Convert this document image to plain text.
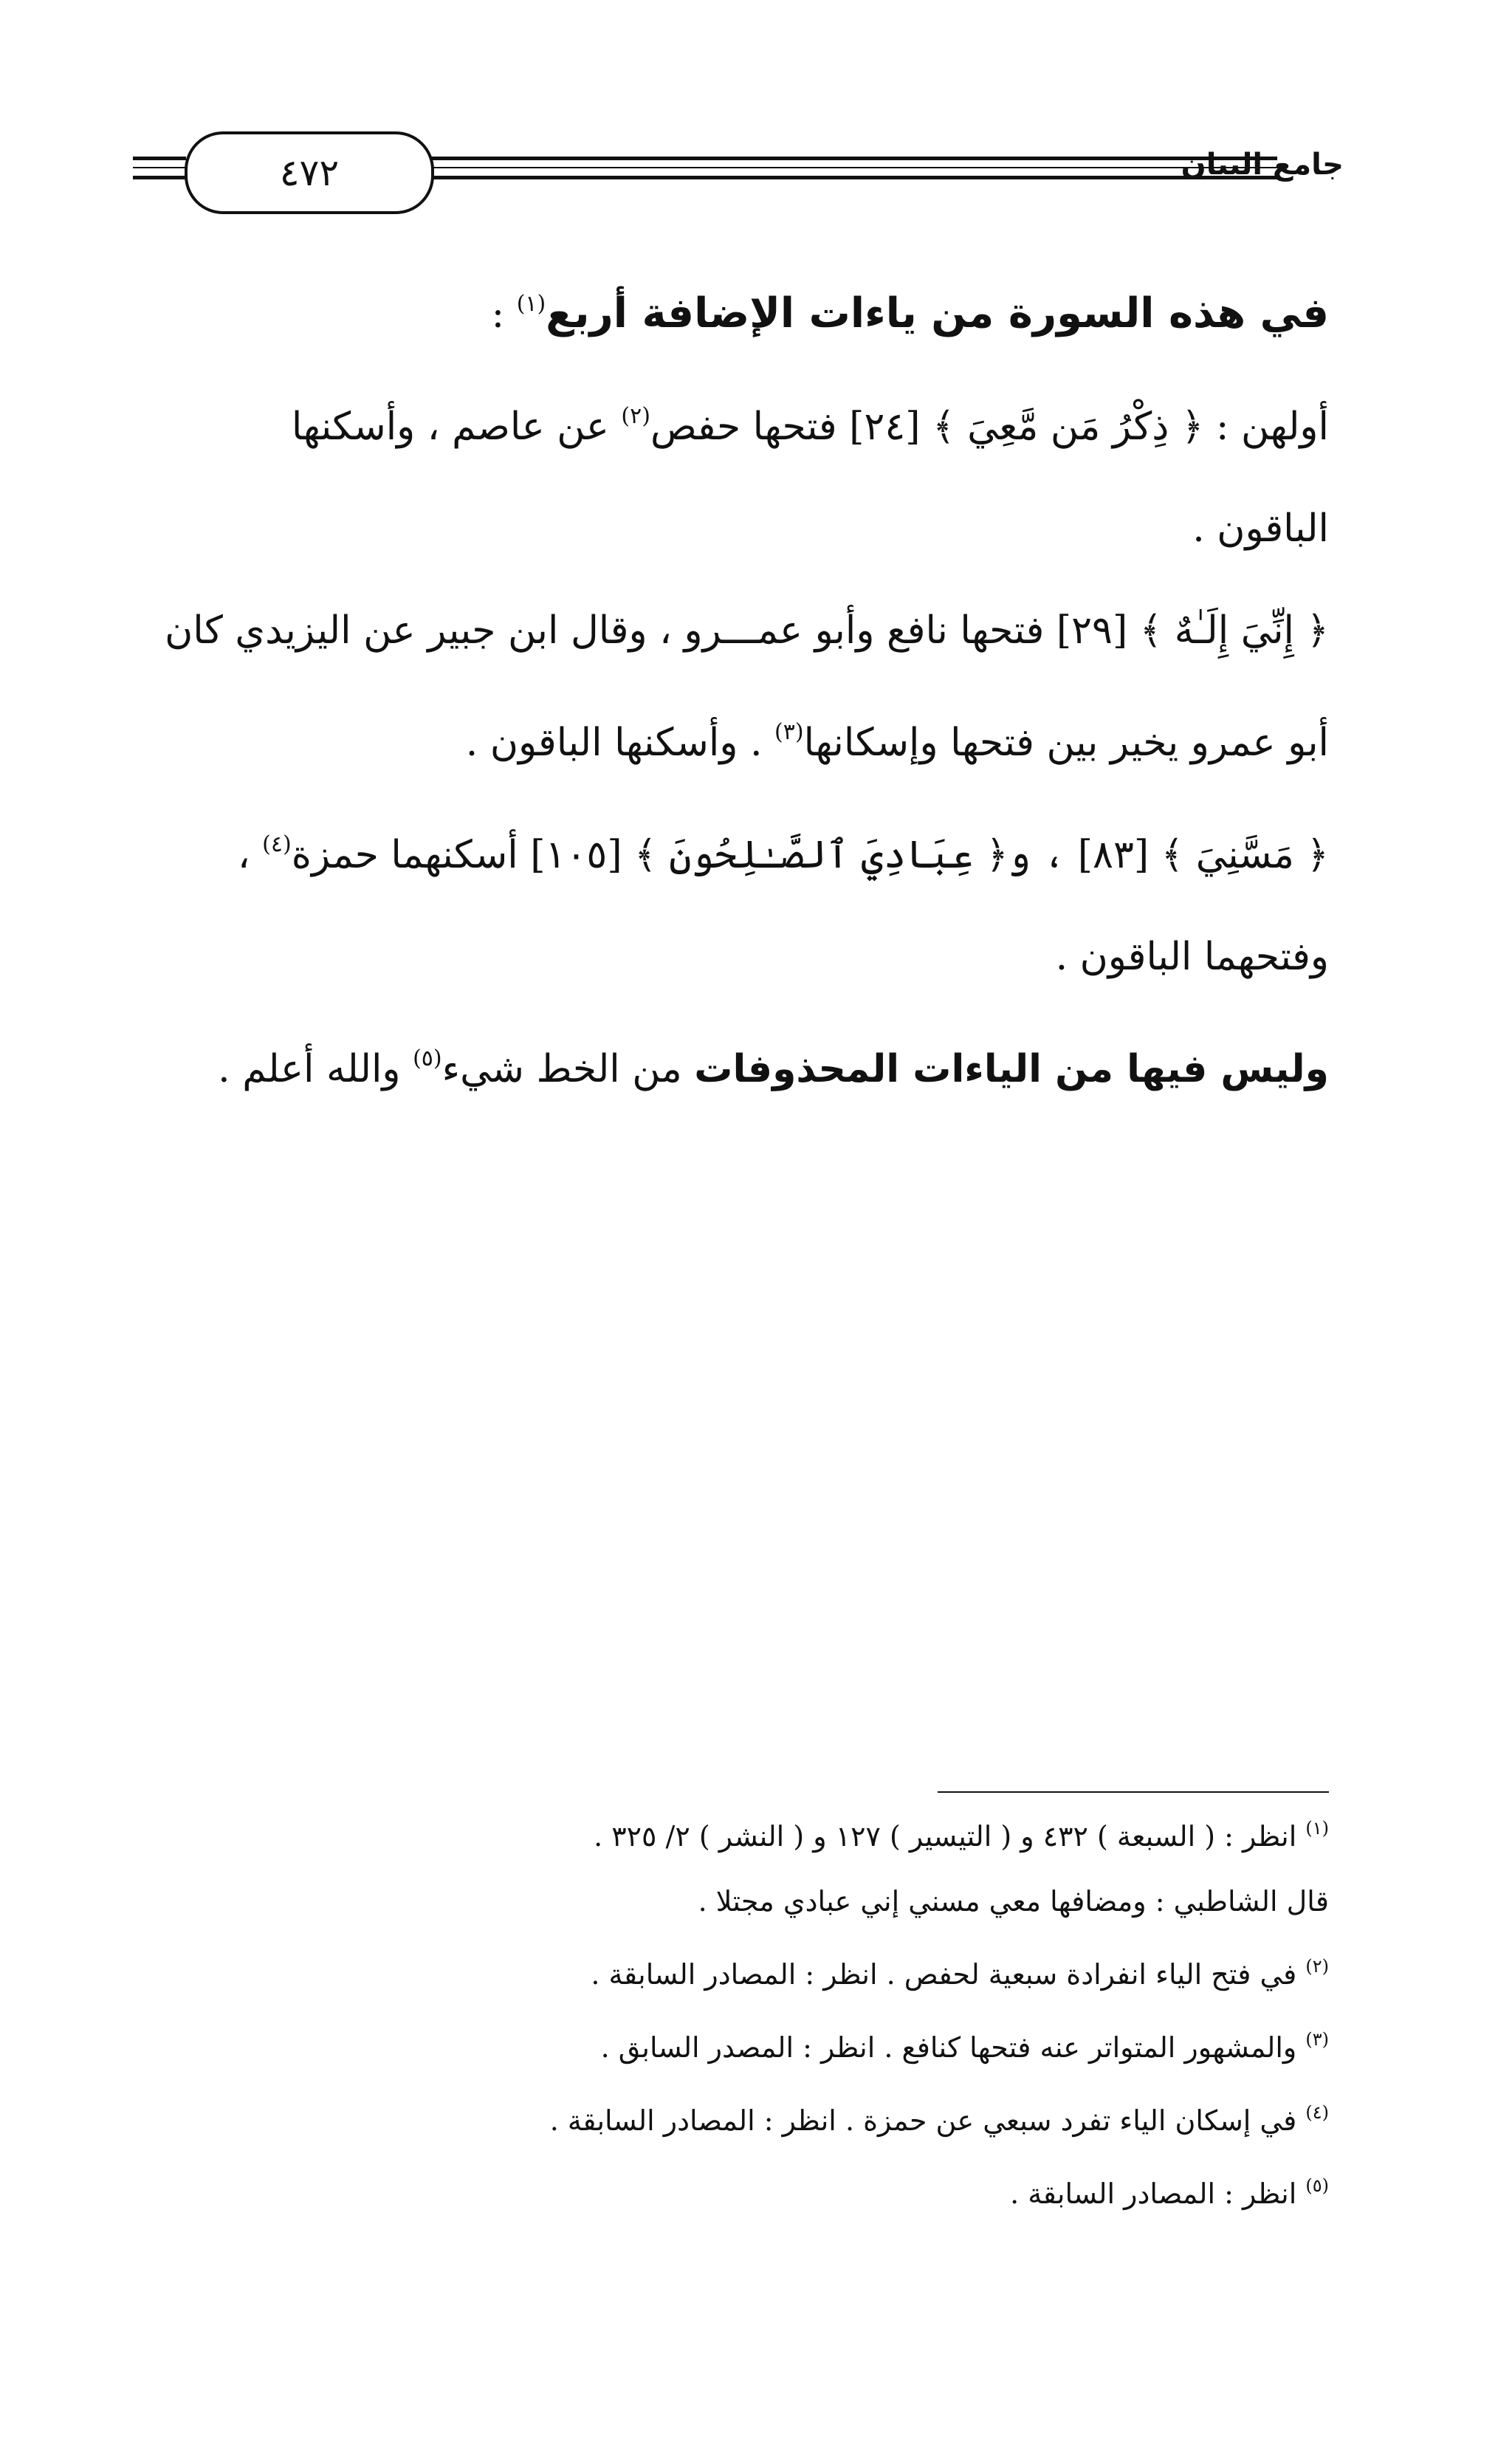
٤٧٢	جامع البيان
في هذه السورة من ياءات الإضافة أربع$^{(١)}$ :
أولهن : ﴿ ذِكْرُ مَن مَّعِيَ ﴾ [٢٤] فتحها حفص$^{(٢)}$ عن عاصم ، وأسكنها
الباقون .
﴿ إِنِّيَ إِلَـٰهٌ ﴾ [٢٩] فتحها نافع وأبو عمـــرو ، وقال ابن جبير عن اليزيدي كان
أبو عمرو يخير بين فتحها وإسكانها$^{(٣)}$ . وأسكنها الباقون .
﴿ مَسَّنِيَ ﴾ [٨٣] ، و﴿ عِبَادِيَ ٱلصَّـٰلِحُونَ ﴾ [١٠٥] أسكنهما حمزة$^{(٤)}$ ،
وفتحهما الباقون .
وليس فيها من الياءات المحذوفات من الخط شيء$^{(٥)}$ والله أعلم .
$^{(١)}$ انظر : ( السبعة ) ٤٣٢ و ( التيسير ) ١٢٧ و ( النشر ) ٢/ ٣٢٥ .
قال الشاطبي : ومضافها معي مسني إني عبادي مجتلا .
$^{(٢)}$ في فتح الياء انفرادة سبعية لحفص . انظر : المصادر السابقة .
$^{(٣)}$ والمشهور المتواتر عنه فتحها كنافع . انظر : المصدر السابق .
$^{(٤)}$ في إسكان الياء تفرد سبعي عن حمزة . انظر : المصادر السابقة .
$^{(٥)}$ انظر : المصادر السابقة .
